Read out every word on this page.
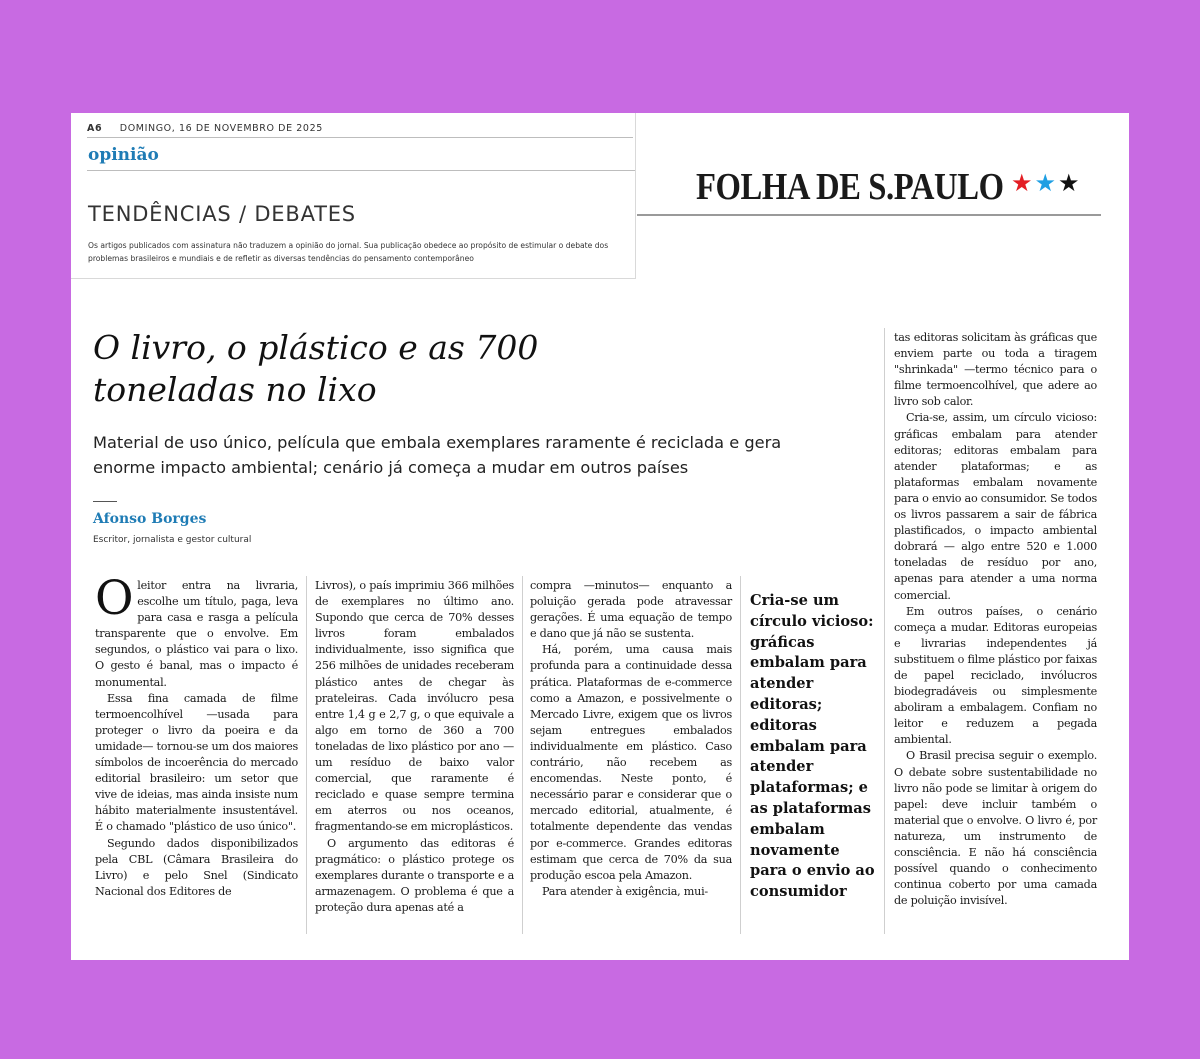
A6 DOMINGO, 16 DE NOVEMBRO DE 2025
opinião
TENDÊNCIAS / DEBATES
Os artigos publicados com assinatura não traduzem a opinião do jornal. Sua publicação obedece ao propósito de estimular o debate dos problemas brasileiros e mundiais e de refletir as diversas tendências do pensamento contemporâneo
FOLHA DE S.PAULO ★★★
O livro, o plástico e as 700 toneladas no lixo
Material de uso único, película que embala exemplares raramente é reciclada e gera enorme impacto ambiental; cenário já começa a mudar em outros países
Afonso Borges
Escritor, jornalista e gestor cultural

Oleitor entra na livraria, escolhe um título, paga, leva para casa e rasga a película transparente que o envolve. Em segundos, o plástico vai para o lixo. O gesto é banal, mas o impacto é monumental.

Essa fina camada de filme termoencolhível —usada para proteger o livro da poeira e da umidade— tornou-se um dos maiores símbolos de incoerência do mercado editorial brasileiro: um setor que vive de ideias, mas ainda insiste num hábito materialmente insustentável. É o chamado "plástico de uso único".

Segundo dados disponibilizados pela CBL (Câmara Brasileira do Livro) e pelo Snel (Sindicato Nacional dos Editores de

Livros), o país imprimiu 366 milhões de exemplares no último ano. Supondo que cerca de 70% desses livros foram embalados individualmente, isso significa que 256 milhões de unidades receberam plástico antes de chegar às prateleiras. Cada invólucro pesa entre 1,4 g e 2,7 g, o que equivale a algo em torno de 360 a 700 toneladas de lixo plástico por ano —um resíduo de baixo valor comercial, que raramente é reciclado e quase sempre termina em aterros ou nos oceanos, fragmentando-se em microplásticos.

O argumento das editoras é pragmático: o plástico protege os exemplares durante o transporte e a armazenagem. O problema é que a proteção dura apenas até a

compra —minutos— enquanto a poluição gerada pode atravessar gerações. É uma equação de tempo e dano que já não se sustenta.

Há, porém, uma causa mais profunda para a continuidade dessa prática. Plataformas de e-commerce como a Amazon, e possivelmente o Mercado Livre, exigem que os livros sejam entregues embalados individualmente em plástico. Caso contrário, não recebem as encomendas. Neste ponto, é necessário parar e considerar que o mercado editorial, atualmente, é totalmente dependente das vendas por e-commerce. Grandes editoras estimam que cerca de 70% da sua produção escoa pela Amazon.

Para atender à exigência, mui-

Cria-se um círculo vicioso: gráficas embalam para atender editoras; editoras embalam para atender plataformas; e as plataformas embalam novamente para o envio ao consumidor

tas editoras solicitam às gráficas que enviem parte ou toda a tiragem "shrinkada" —termo técnico para o filme termoencolhível, que adere ao livro sob calor.

Cria-se, assim, um círculo vicioso: gráficas embalam para atender editoras; editoras embalam para atender plataformas; e as plataformas embalam novamente para o envio ao consumidor. Se todos os livros passarem a sair de fábrica plastificados, o impacto ambiental dobrará — algo entre 520 e 1.000 toneladas de resíduo por ano, apenas para atender a uma norma comercial.

Em outros países, o cenário começa a mudar. Editoras europeias e livrarias independentes já substituem o filme plástico por faixas de papel reciclado, invólucros biodegradáveis ou simplesmente aboliram a embalagem. Confiam no leitor e reduzem a pegada ambiental.

O Brasil precisa seguir o exemplo. O debate sobre sustentabilidade no livro não pode se limitar à origem do papel: deve incluir também o material que o envolve. O livro é, por natureza, um instrumento de consciência. E não há consciência possível quando o conhecimento continua coberto por uma camada de poluição invisível.
